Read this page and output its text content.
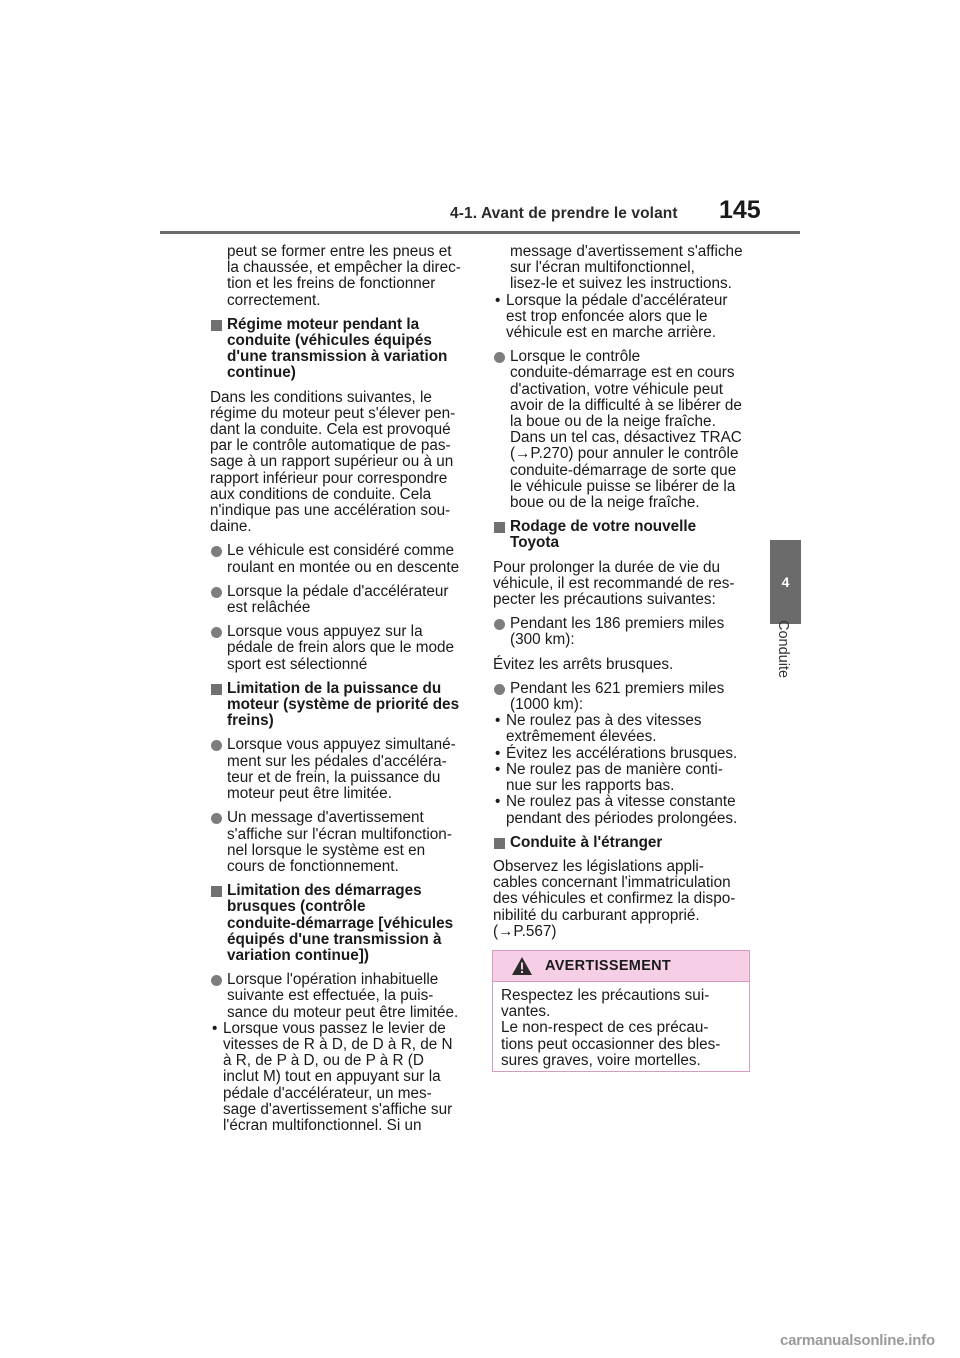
4-1. Avant de prendre le volant 145
4
Conduite
peut se former entre les pneus et
la chaussée, et empêcher la direc-
tion et les freins de fonctionner
correctement.
Régime moteur pendant la
conduite (véhicules équipés
d'une transmission à variation
continue)
Dans les conditions suivantes, le
régime du moteur peut s'élever pen-
dant la conduite. Cela est provoqué
par le contrôle automatique de pas-
sage à un rapport supérieur ou à un
rapport inférieur pour correspondre
aux conditions de conduite. Cela
n'indique pas une accélération sou-
daine.
Le véhicule est considéré comme
roulant en montée ou en descente
Lorsque la pédale d'accélérateur
est relâchée
Lorsque vous appuyez sur la
pédale de frein alors que le mode
sport est sélectionné
Limitation de la puissance du
moteur (système de priorité des
freins)
Lorsque vous appuyez simultané-
ment sur les pédales d'accéléra-
teur et de frein, la puissance du
moteur peut être limitée.
Un message d'avertissement
s'affiche sur l'écran multifonction-
nel lorsque le système est en
cours de fonctionnement.
Limitation des démarrages
brusques (contrôle
conduite-démarrage [véhicules
équipés d'une transmission à
variation continue])
Lorsque l'opération inhabituelle
suivante est effectuée, la puis-
sance du moteur peut être limitée.
• Lorsque vous passez le levier de
vitesses de R à D, de D à R, de N
à R, de P à D, ou de P à R (D
inclut M) tout en appuyant sur la
pédale d'accélérateur, un mes-
sage d'avertissement s'affiche sur
l'écran multifonctionnel. Si un
message d'avertissement s'affiche
sur l'écran multifonctionnel,
lisez-le et suivez les instructions.
• Lorsque la pédale d'accélérateur
est trop enfoncée alors que le
véhicule est en marche arrière.
Lorsque le contrôle
conduite-démarrage est en cours
d'activation, votre véhicule peut
avoir de la difficulté à se libérer de
la boue ou de la neige fraîche.
Dans un tel cas, désactivez TRAC
(→P.270) pour annuler le contrôle
conduite-démarrage de sorte que
le véhicule puisse se libérer de la
boue ou de la neige fraîche.
Rodage de votre nouvelle
Toyota
Pour prolonger la durée de vie du
véhicule, il est recommandé de res-
pecter les précautions suivantes:
Pendant les 186 premiers miles
(300 km):
Évitez les arrêts brusques.
Pendant les 621 premiers miles
(1000 km):
• Ne roulez pas à des vitesses
extrêmement élevées.
• Évitez les accélérations brusques.
• Ne roulez pas de manière conti-
nue sur les rapports bas.
• Ne roulez pas à vitesse constante
pendant des périodes prolongées.
Conduite à l'étranger
Observez les législations appli-
cables concernant l'immatriculation
des véhicules et confirmez la dispo-
nibilité du carburant approprié.
(→P.567)
AVERTISSEMENT
Respectez les précautions sui-
vantes.
Le non-respect de ces précau-
tions peut occasionner des bles-
sures graves, voire mortelles.
carmanualsonline.info
